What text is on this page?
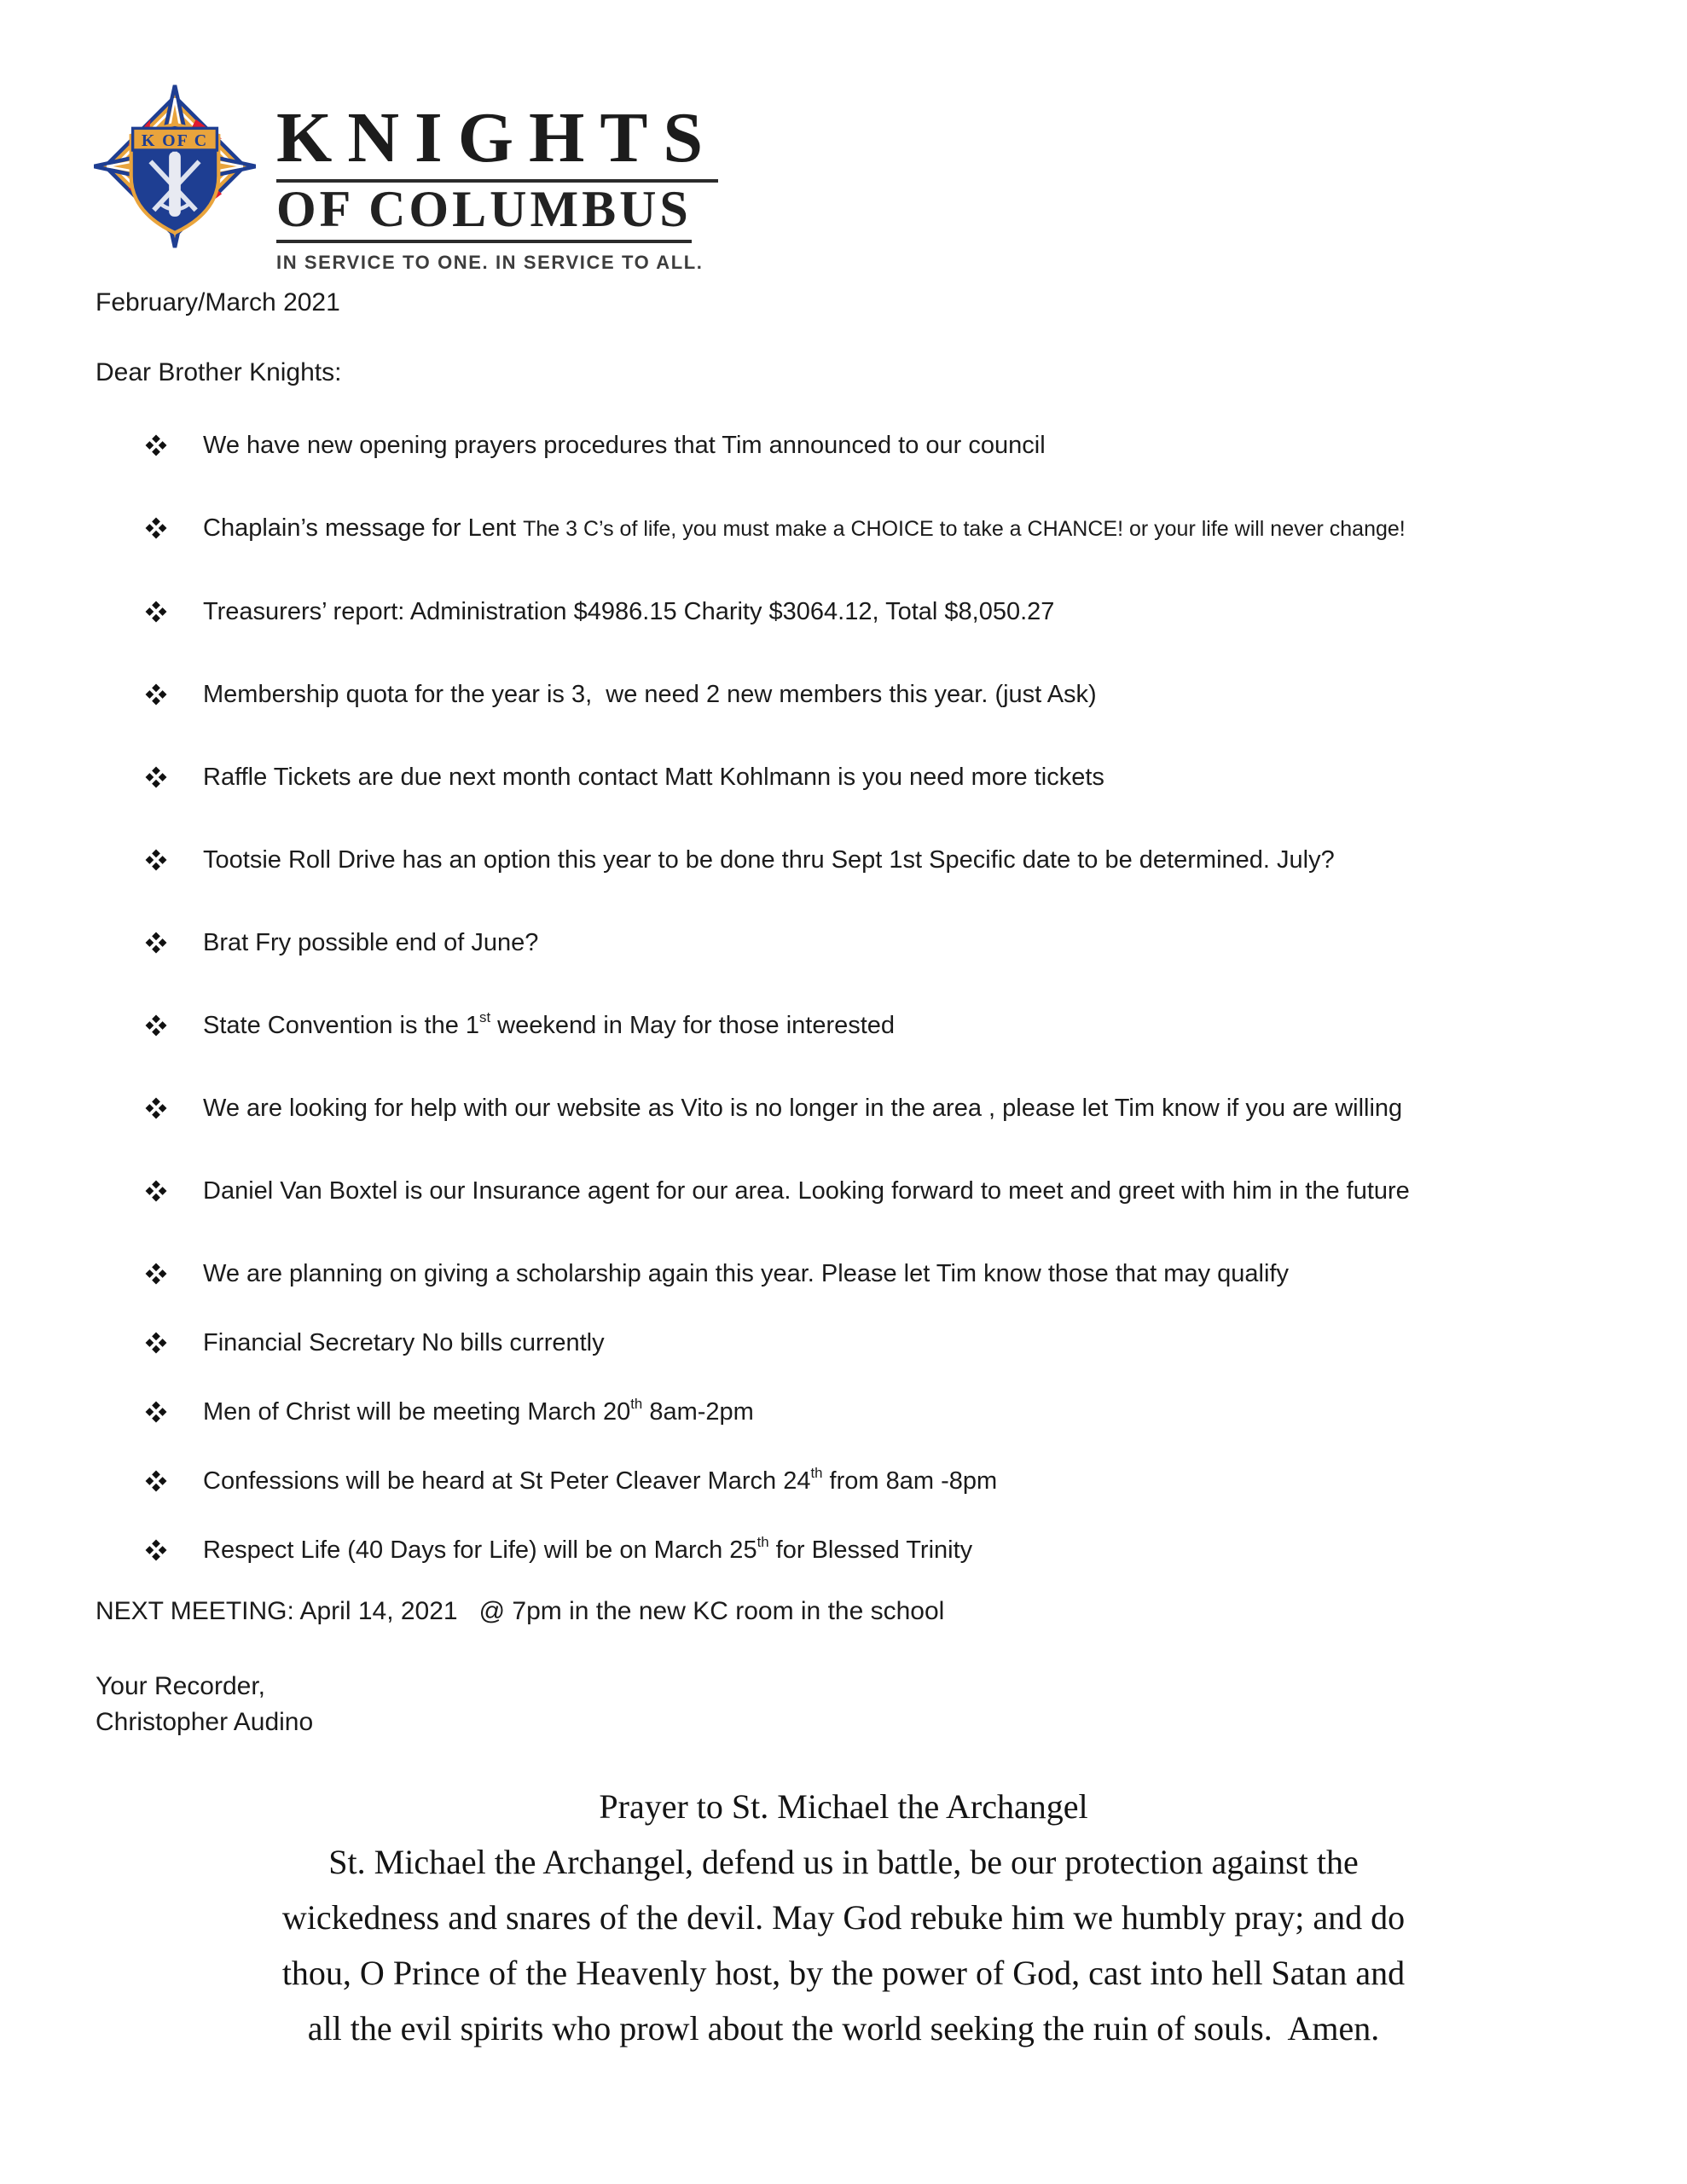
K OF C KNIGHTS
OF COLUMBUS
IN SERVICE TO ONE. IN SERVICE TO ALL.
February/March 2021
Dear Brother Knights:
We have new opening prayers procedures that Tim announced to our council
Chaplain’s message for Lent The 3 C’s of life, you must make a CHOICE to take a CHANCE! or your life will never change!
Treasurers’ report: Administration $4986.15 Charity $3064.12, Total $8,050.27
Membership quota for the year is 3,  we need 2 new members this year. (just Ask)
Raffle Tickets are due next month contact Matt Kohlmann is you need more tickets
Tootsie Roll Drive has an option this year to be done thru Sept 1st Specific date to be determined. July?
Brat Fry possible end of June?
State Convention is the 1st weekend in May for those interested
We are looking for help with our website as Vito is no longer in the area , please let Tim know if you are willing
Daniel Van Boxtel is our Insurance agent for our area. Looking forward to meet and greet with him in the future
We are planning on giving a scholarship again this year. Please let Tim know those that may qualify
Financial Secretary No bills currently
Men of Christ will be meeting March 20th 8am-2pm
Confessions will be heard at St Peter Cleaver March 24th from 8am -8pm
Respect Life (40 Days for Life) will be on March 25th for Blessed Trinity
NEXT MEETING: April 14, 2021   @ 7pm in the new KC room in the school
Your Recorder,
Christopher Audino
Prayer to St. Michael the Archangel
St. Michael the Archangel, defend us in battle, be our protection against the
wickedness and snares of the devil. May God rebuke him we humbly pray; and do
thou, O Prince of the Heavenly host, by the power of God, cast into hell Satan and
all the evil spirits who prowl about the world seeking the ruin of souls.  Amen.
